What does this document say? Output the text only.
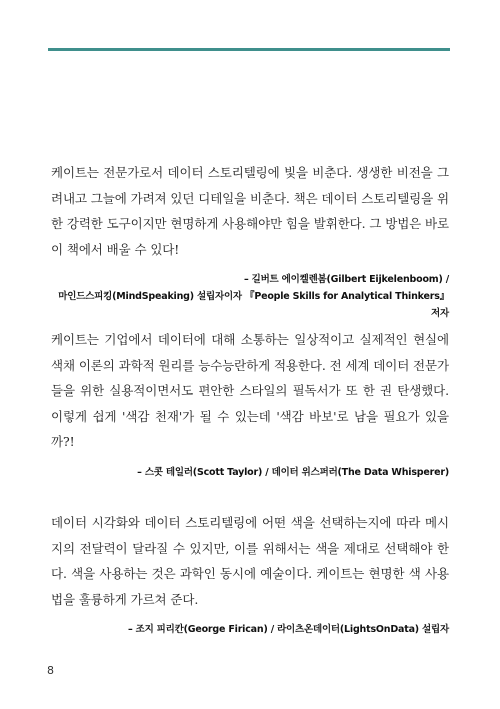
케이트는 전문가로서 데이터 스토리텔링에 빛을 비춘다. 생생한 비전을 그려내고 그늘에 가려져 있던 디테일을 비춘다. 책은 데이터 스토리텔링을 위한 강력한 도구이지만 현명하게 사용해야만 힘을 발휘한다. 그 방법은 바로 이 책에서 배울 수 있다!

– 길버트 에이켈렌봄(Gilbert Eijkelenboom) /

마인드스피킹(MindSpeaking) 설립자이자 『People Skills for Analytical Thinkers』 저자

케이트는 기업에서 데이터에 대해 소통하는 일상적이고 실제적인 현실에 색채 이론의 과학적 원리를 능수능란하게 적용한다. 전 세계 데이터 전문가들을 위한 실용적이면서도 편안한 스타일의 필독서가 또 한 권 탄생했다. 이렇게 쉽게 '색감 천재'가 될 수 있는데 '색감 바보'로 남을 필요가 있을까?!

– 스콧 테일러(Scott Taylor) / 데이터 위스퍼러(The Data Whisperer)

데이터 시각화와 데이터 스토리텔링에 어떤 색을 선택하는지에 따라 메시지의 전달력이 달라질 수 있지만, 이를 위해서는 색을 제대로 선택해야 한다. 색을 사용하는 것은 과학인 동시에 예술이다. 케이트는 현명한 색 사용법을 훌륭하게 가르쳐 준다.

– 조지 피리칸(George Firican) / 라이츠온데이터(LightsOnData) 설립자

8
